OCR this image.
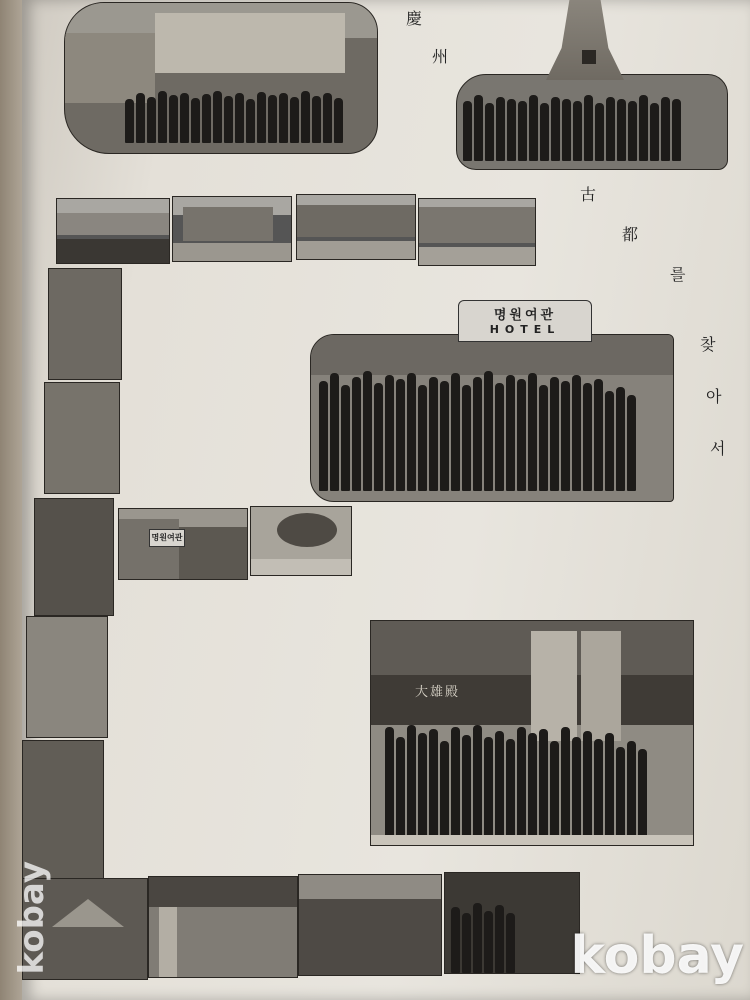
慶
州
古
都
를
찾
아
서
명원여관
HOTEL
명원여관
大雄殿
kobay	kobay
